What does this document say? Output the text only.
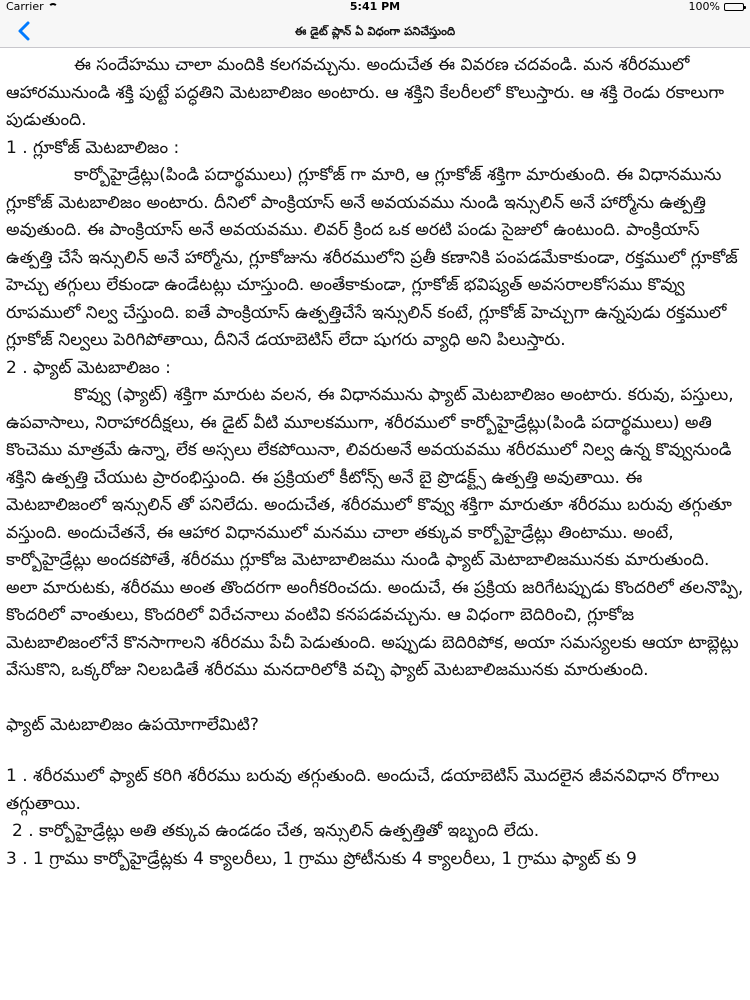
Carrier	5:41 PM	100%
ఈ డైట్ ప్లాన్ ఏ విధంగా పనిచేస్తుంది

ఈ సందేహము చాలా మందికి కలగవచ్చును. అందుచేత ఈ వివరణ చదవండి. మన శరీరములో ఆహారమునుండి శక్తి పుట్టే పద్ధతిని మెటబాలిజం అంటారు. ఆ శక్తిని కేలరీలలో కొలుస్తారు. ఆ శక్తి రెండు రకాలుగా పుడుతుంది.

1 . గ్లూకోజ్ మెటబాలిజం :

కార్బోహైడ్రేట్లు(పిండి పదార్థములు) గ్లూకోజ్ గా మారి, ఆ గ్లూకోజ్ శక్తిగా మారుతుంది. ఈ విధానమును గ్లూకోజ్ మెటబాలిజం అంటారు. దీనిలో పాంక్రియాస్ అనే అవయవము నుండి ఇన్సులిన్ అనే హార్మోను ఉత్పత్తి అవుతుంది. ఈ పాంక్రియాస్ అనే అవయవము. లివర్ క్రింద ఒక అరటి పండు సైజులో ఉంటుంది. పాంక్రియాస్ ఉత్పత్తి చేసే ఇన్సులిన్ అనే హార్మోను, గ్లూకోజును శరీరములోని ప్రతీ కణానికి పంపడమేకాకుండా, రక్తములో గ్లూకోజ్ హెచ్చు తగ్గులు లేకుండా ఉండేటట్లు చూస్తుంది. అంతేకాకుండా, గ్లూకోజ్ భవిష్యత్ అవసరాలకోసము కొవ్వు రూపములో నిల్వ చేస్తుంది. ఐతే పాంక్రియాస్ ఉత్పత్తిచేసే ఇన్సులిన్ కంటే, గ్లూకోజ్ హెచ్చుగా ఉన్నపుడు రక్తములో గ్లూకోజ్ నిల్వలు పెరిగిపోతాయి, దీనినే డయాబెటిస్ లేదా షుగరు వ్యాధి అని పిలుస్తారు.

2 . ఫ్యాట్ మెటబాలిజం :

కొవ్వు (ఫ్యాట్) శక్తిగా మారుట వలన, ఈ విధానమును ఫ్యాట్ మెటబాలిజం అంటారు. కరువు, పస్తులు, ఉపవాసాలు, నిరాహారదీక్షలు, ఈ డైట్ వీటి మూలకముగా, శరీరములో కార్బోహైడ్రేట్లు(పిండి పదార్థములు) అతి కొంచెము మాత్రమే ఉన్నా, లేక అస్సలు లేకపోయినా, లివరుఅనే అవయవము శరీరములో నిల్వ ఉన్న కొవ్వునుండి శక్తిని ఉత్పత్తి చేయుట ప్రారంభిస్తుంది. ఈ ప్రక్రియలో కీటోన్స్ అనే బై ప్రొడక్ట్స్ ఉత్పత్తి అవుతాయి. ఈ మెటబాలిజంలో ఇన్సులిన్ తో పనిలేదు. అందుచేత, శరీరములో కొవ్వు శక్తిగా మారుతూ శరీరము బరువు తగ్గుతూ వస్తుంది. అందుచేతనే, ఈ ఆహార విధానములో మనము చాలా తక్కువ కార్బోహైడ్రేట్లు తింటాము. అంటే, కార్బోహైడ్రేట్లు అందకపోతే, శరీరము గ్లూకోజ మెటాబాలిజము నుండి ఫ్యాట్ మెటాబాలిజమునకు మారుతుంది. అలా మారుటకు, శరీరము అంత తొందరగా అంగీకరించదు. అందుచే, ఈ ప్రక్రియ జరిగేటప్పుడు కొందరిలో తలనొప్పి, కొందరిలో వాంతులు, కొందరిలో విరేచనాలు వంటివి కనపడవచ్చును. ఆ విధంగా బెదిరించి, గ్లూకోజ మెటబాలిజంలోనే కొనసాగాలని శరీరము పేచీ పెడుతుంది. అప్పుడు బెదిరిపోక, అయా సమస్యలకు ఆయా టాబ్లెట్లు వేసుకొని, ఒక్కరోజు నిలబడితే శరీరము మనదారిలోకి వచ్చి ఫ్యాట్ మెటబాలిజమునకు మారుతుంది.

ఫ్యాట్ మెటబాలిజం ఉపయోగాలేమిటి?

1 . శరీరములో ఫ్యాట్ కరిగి శరీరము బరువు తగ్గుతుంది. అందుచే, డయాబెటిస్ మొదలైన జీవనవిధాన రోగాలు తగ్గుతాయి.

2 . కార్బోహైడ్రేట్లు అతి తక్కువ ఉండడం చేత, ఇన్సులిన్ ఉత్పత్తితో ఇబ్బంది లేదు.

3 . 1 గ్రాము కార్బోహైడ్రేట్లకు 4 క్యాలరీలు, 1 గ్రాము ప్రోటీనుకు 4 క్యాలరీలు, 1 గ్రాము ఫ్యాట్ కు 9
